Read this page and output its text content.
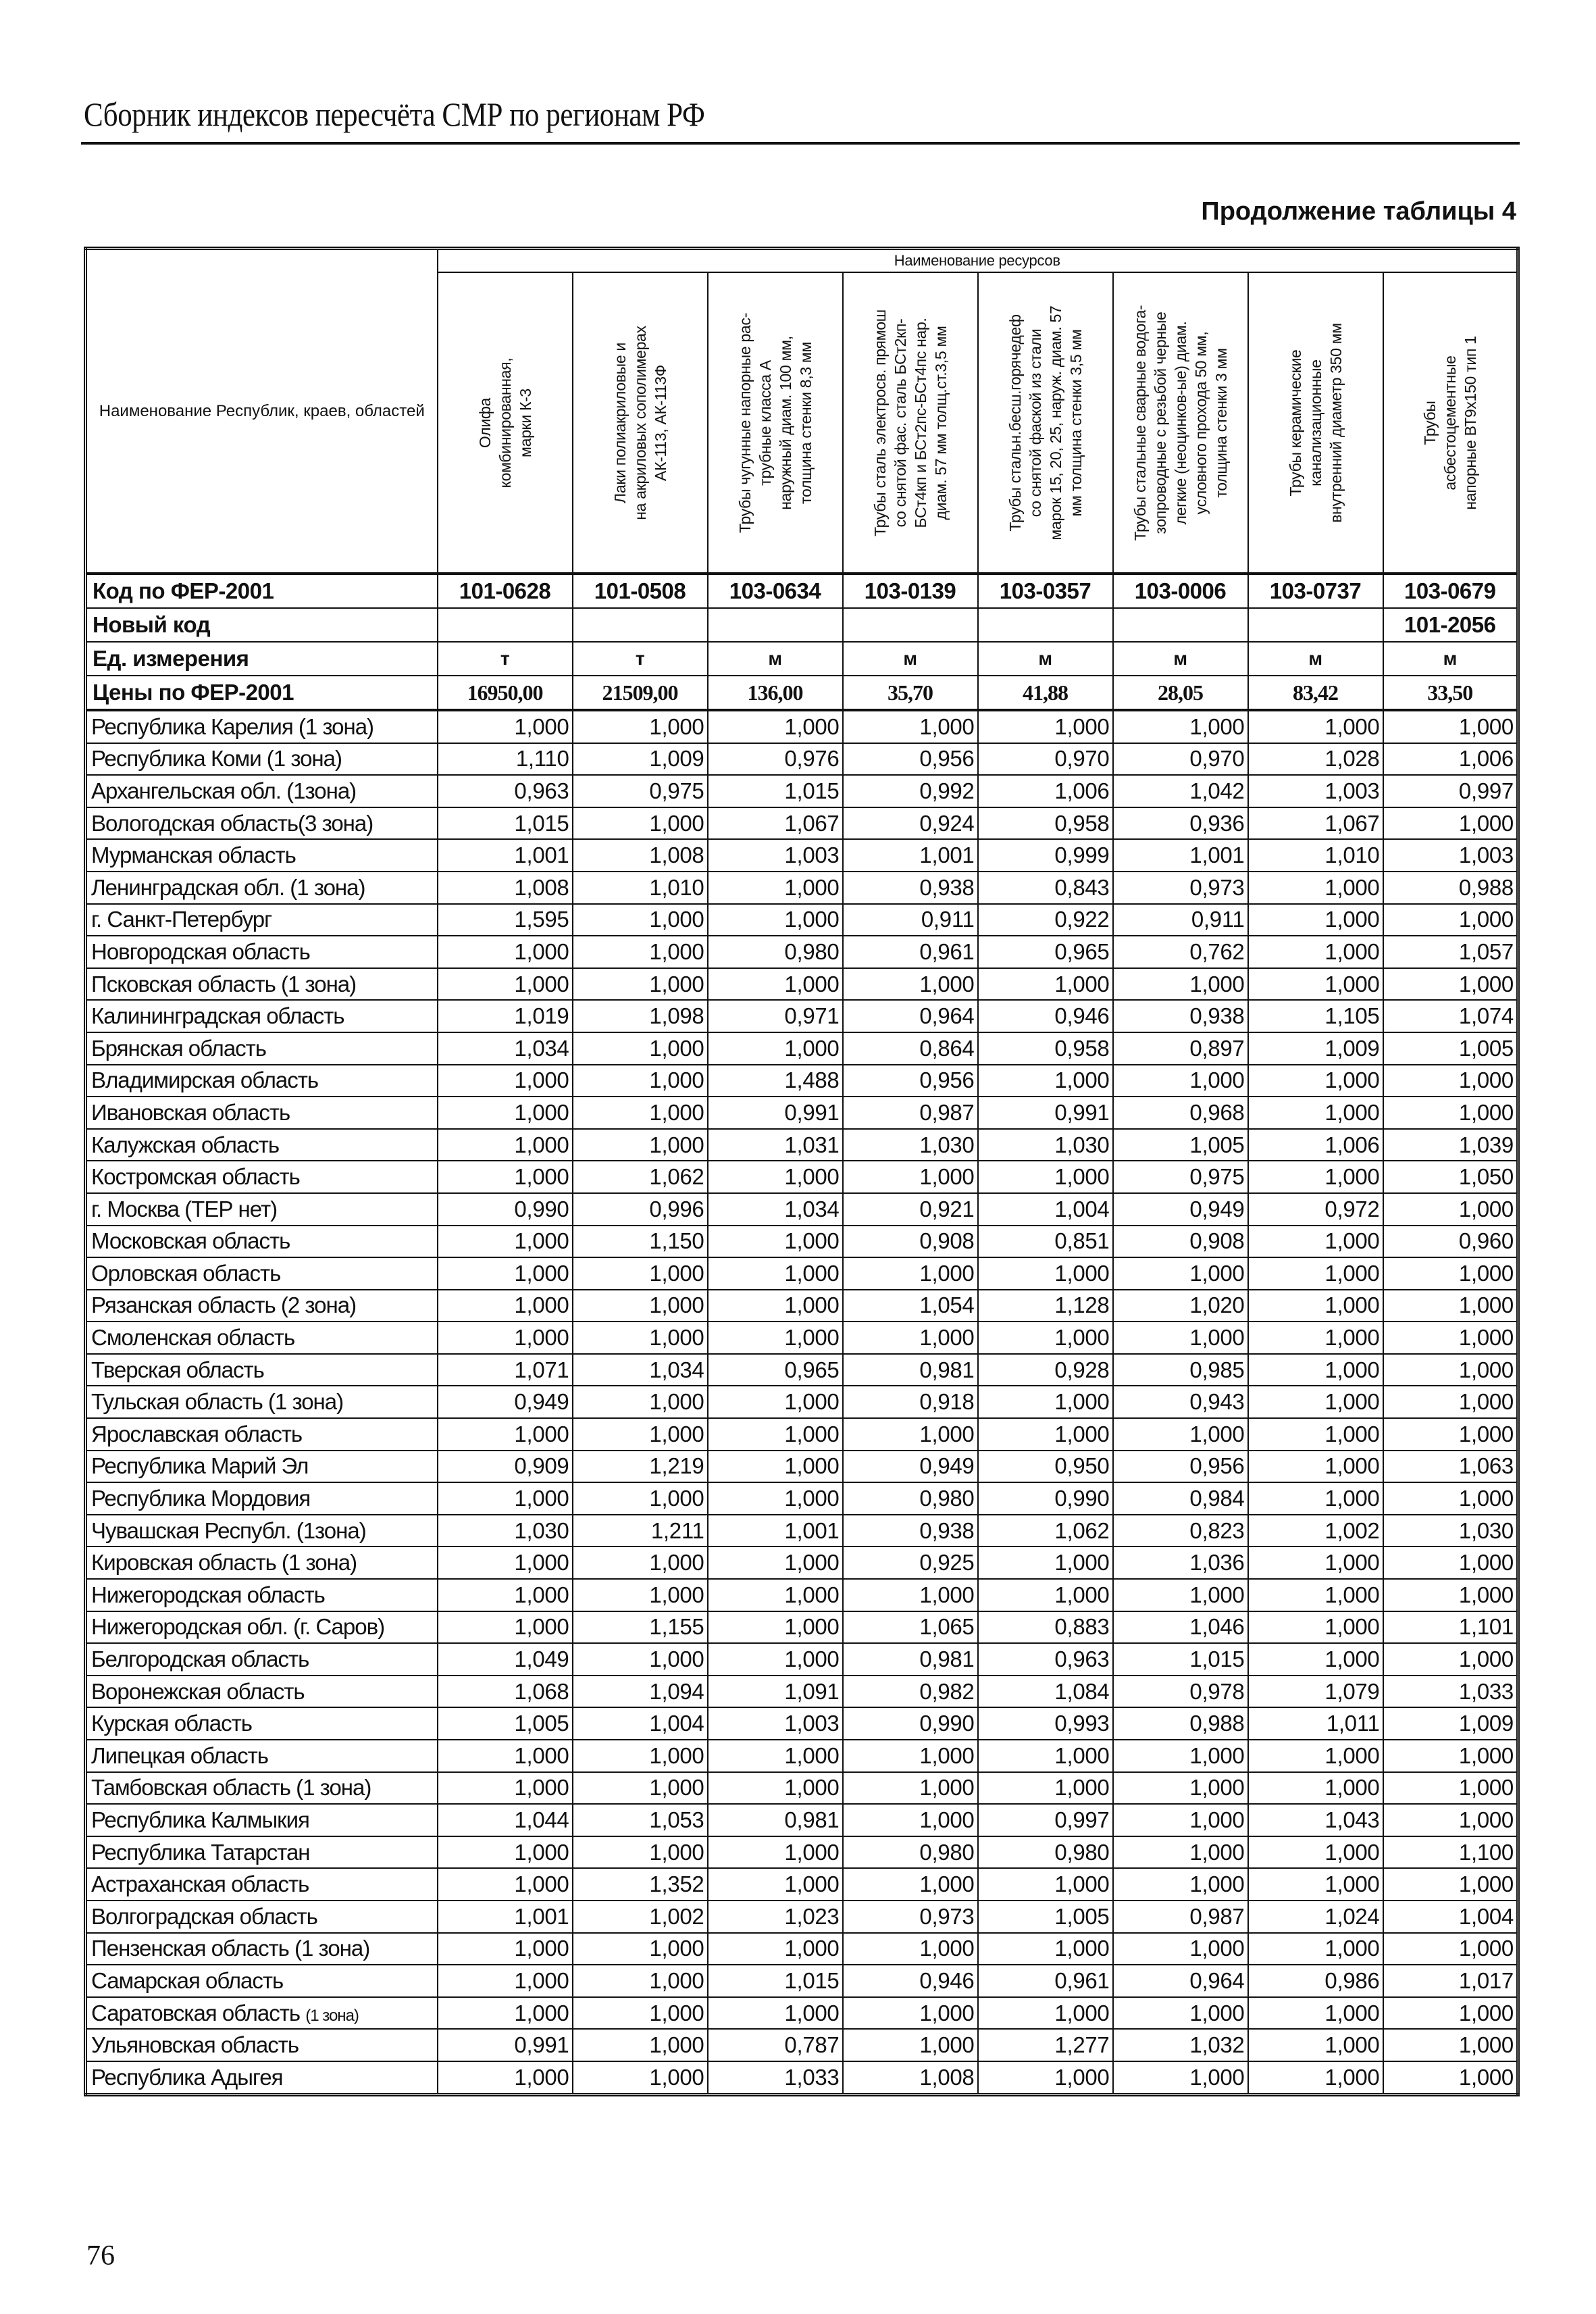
Сборник индексов пересчёта СМР по регионам РФ
Продолжение таблицы 4
Наименование Республик, краев, областей	Наименование ресурсов							

Олифа комбинированная, марки К-3	Лаки полиакриловые и на акриловых сополимерах АК-113, АК-113Ф	Трубы чугунные напорные рас- трубные класса А наружный диам. 100 мм, толщина стенки 8,3 мм	Трубы сталь электросв. прямош со снятой фас. сталь БСт2кп- БСт4кп и БСт2пс-БСт4пс нар. диам. 57 мм толщ.ст.3,5 мм	Трубы стальн.бесш.горячедеф со снятой фаской из стали марок 15, 20, 25, наруж. диам. 57 мм толщина стенки 3,5 мм	Трубы стальные сварные водога- зопроводные с резьбой черные легкие (неоцинков-ые) диам. условного прохода 50 мм, толщина стенки 3 мм	Трубы керамические канализационные внутренний диаметр 350 мм	Трубы асбестоцементные напорные ВТ9х150 тип 1

Код по ФЕР-2001	101-0628	101-0508	103-0634	103-0139	103-0357	103-0006	103-0737	103-0679
Новый код								101-2056
Ед. измерения	т	т	м	м	м	м	м	м
Цены по ФЕР-2001	16950,00	21509,00	136,00	35,70	41,88	28,05	83,42	33,50
Республика Карелия (1 зона)	1,000	1,000	1,000	1,000	1,000	1,000	1,000	1,000
Республика Коми (1 зона)	1,110	1,009	0,976	0,956	0,970	0,970	1,028	1,006
Архангельская обл. (1зона)	0,963	0,975	1,015	0,992	1,006	1,042	1,003	0,997
Вологодская область(3 зона)	1,015	1,000	1,067	0,924	0,958	0,936	1,067	1,000
Мурманская область	1,001	1,008	1,003	1,001	0,999	1,001	1,010	1,003
Ленинградская обл. (1 зона)	1,008	1,010	1,000	0,938	0,843	0,973	1,000	0,988
г. Санкт-Петербург	1,595	1,000	1,000	0,911	0,922	0,911	1,000	1,000
Новгородская область	1,000	1,000	0,980	0,961	0,965	0,762	1,000	1,057
Псковская область (1 зона)	1,000	1,000	1,000	1,000	1,000	1,000	1,000	1,000
Калининградская область	1,019	1,098	0,971	0,964	0,946	0,938	1,105	1,074
Брянская область	1,034	1,000	1,000	0,864	0,958	0,897	1,009	1,005
Владимирская область	1,000	1,000	1,488	0,956	1,000	1,000	1,000	1,000
Ивановская область	1,000	1,000	0,991	0,987	0,991	0,968	1,000	1,000
Калужская область	1,000	1,000	1,031	1,030	1,030	1,005	1,006	1,039
Костромская область	1,000	1,062	1,000	1,000	1,000	0,975	1,000	1,050
г. Москва (ТЕР нет)	0,990	0,996	1,034	0,921	1,004	0,949	0,972	1,000
Московская область	1,000	1,150	1,000	0,908	0,851	0,908	1,000	0,960
Орловская область	1,000	1,000	1,000	1,000	1,000	1,000	1,000	1,000
Рязанская область (2 зона)	1,000	1,000	1,000	1,054	1,128	1,020	1,000	1,000
Смоленская область	1,000	1,000	1,000	1,000	1,000	1,000	1,000	1,000
Тверская область	1,071	1,034	0,965	0,981	0,928	0,985	1,000	1,000
Тульская область (1 зона)	0,949	1,000	1,000	0,918	1,000	0,943	1,000	1,000
Ярославская область	1,000	1,000	1,000	1,000	1,000	1,000	1,000	1,000
Республика Марий Эл	0,909	1,219	1,000	0,949	0,950	0,956	1,000	1,063
Республика Мордовия	1,000	1,000	1,000	0,980	0,990	0,984	1,000	1,000
Чувашская Республ. (1зона)	1,030	1,211	1,001	0,938	1,062	0,823	1,002	1,030
Кировская область (1 зона)	1,000	1,000	1,000	0,925	1,000	1,036	1,000	1,000
Нижегородская область	1,000	1,000	1,000	1,000	1,000	1,000	1,000	1,000
Нижегородская обл. (г. Саров)	1,000	1,155	1,000	1,065	0,883	1,046	1,000	1,101
Белгородская область	1,049	1,000	1,000	0,981	0,963	1,015	1,000	1,000
Воронежская область	1,068	1,094	1,091	0,982	1,084	0,978	1,079	1,033
Курская область	1,005	1,004	1,003	0,990	0,993	0,988	1,011	1,009
Липецкая область	1,000	1,000	1,000	1,000	1,000	1,000	1,000	1,000
Тамбовская область (1 зона)	1,000	1,000	1,000	1,000	1,000	1,000	1,000	1,000
Республика Калмыкия	1,044	1,053	0,981	1,000	0,997	1,000	1,043	1,000
Республика Татарстан	1,000	1,000	1,000	0,980	0,980	1,000	1,000	1,100
Астраханская область	1,000	1,352	1,000	1,000	1,000	1,000	1,000	1,000
Волгоградская область	1,001	1,002	1,023	0,973	1,005	0,987	1,024	1,004
Пензенская область (1 зона)	1,000	1,000	1,000	1,000	1,000	1,000	1,000	1,000
Самарская область	1,000	1,000	1,015	0,946	0,961	0,964	0,986	1,017
Саратовская область (1 зона)	1,000	1,000	1,000	1,000	1,000	1,000	1,000	1,000
Ульяновская область	0,991	1,000	0,787	1,000	1,277	1,032	1,000	1,000
Республика Адыгея	1,000	1,000	1,033	1,008	1,000	1,000	1,000	1,000
76
